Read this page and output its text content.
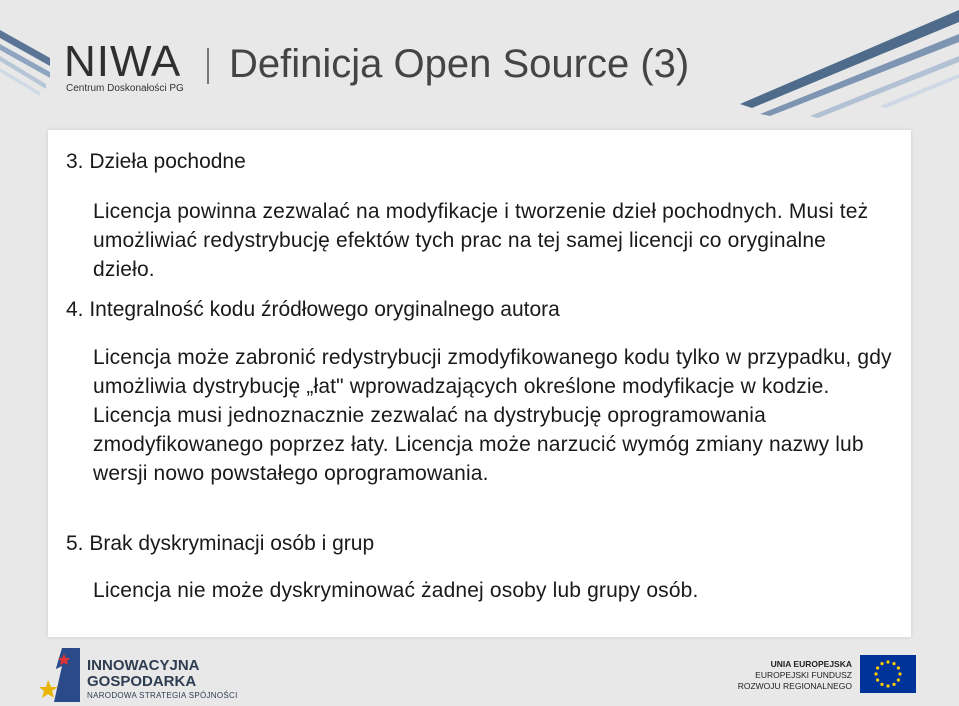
NIWA
Centrum Doskonałości PG
Definicja Open Source (3)
3. Dzieła pochodne
Licencja powinna zezwalać na modyfikacje i tworzenie dzieł pochodnych. Musi też umożliwiać redystrybucję efektów tych prac na tej samej licencji co oryginalne dzieło.
4. Integralność kodu źródłowego oryginalnego autora
Licencja może zabronić redystrybucji zmodyfikowanego kodu tylko w przypadku, gdy umożliwia dystrybucję „łat" wprowadzających określone modyfikacje w kodzie. Licencja musi jednoznacznie zezwalać na dystrybucję oprogramowania zmodyfikowanego poprzez łaty. Licencja może narzucić wymóg zmiany nazwy lub wersji nowo powstałego oprogramowania.
5. Brak dyskryminacji osób i grup
Licencja nie może dyskryminować żadnej osoby lub grupy osób.
INNOWACYJNA
GOSPODARKA
NARODOWA STRATEGIA SPÓJNOŚCI
UNIA EUROPEJSKA
EUROPEJSKI FUNDUSZ
ROZWOJU REGIONALNEGO
